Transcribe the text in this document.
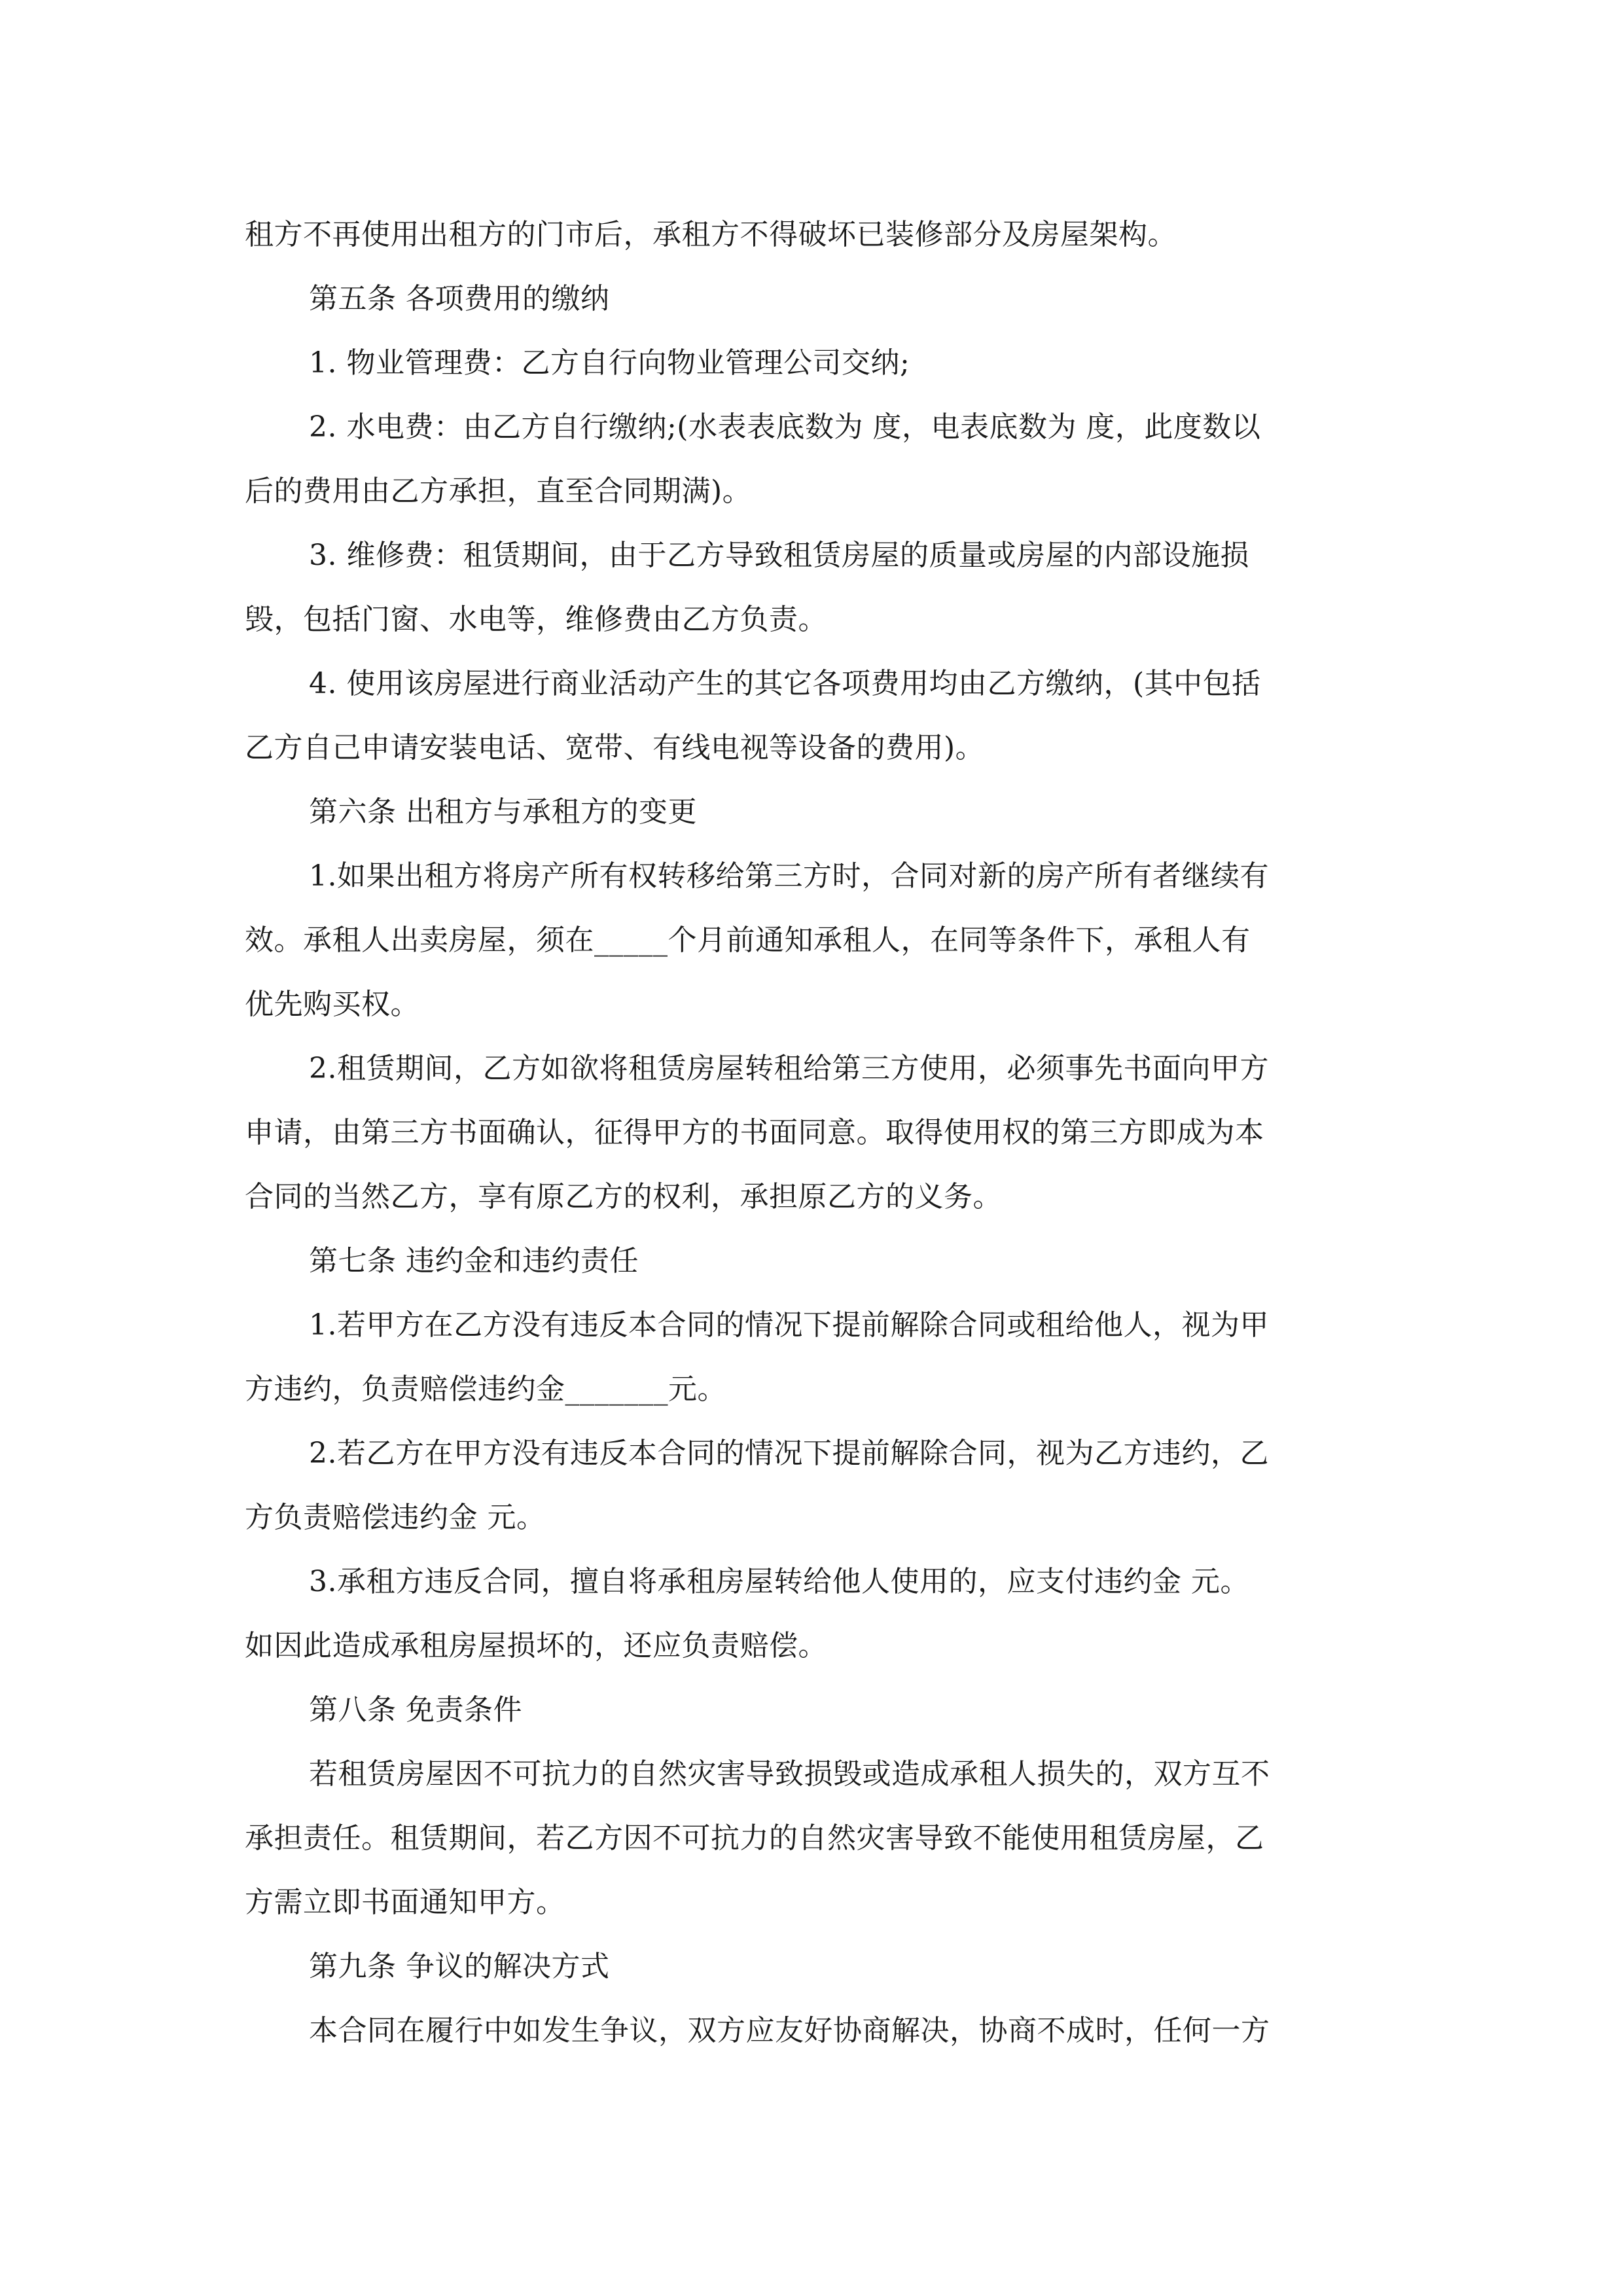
租方不再使用出租方的门市后，承租方不得破坏已装修部分及房屋架构。
第五条 各项费用的缴纳
1. 物业管理费：乙方自行向物业管理公司交纳;
2. 水电费：由乙方自行缴纳;(水表表底数为 度，电表底数为 度，此度数以
后的费用由乙方承担，直至合同期满)。
3. 维修费：租赁期间，由于乙方导致租赁房屋的质量或房屋的内部设施损
毁，包括门窗、水电等，维修费由乙方负责。
4. 使用该房屋进行商业活动产生的其它各项费用均由乙方缴纳，(其中包括
乙方自己申请安装电话、宽带、有线电视等设备的费用)。
第六条 出租方与承租方的变更
1.如果出租方将房产所有权转移给第三方时，合同对新的房产所有者继续有
效。承租人出卖房屋，须在_____个月前通知承租人，在同等条件下，承租人有
优先购买权。
2.租赁期间，乙方如欲将租赁房屋转租给第三方使用，必须事先书面向甲方
申请，由第三方书面确认，征得甲方的书面同意。取得使用权的第三方即成为本
合同的当然乙方，享有原乙方的权利，承担原乙方的义务。
第七条 违约金和违约责任
1.若甲方在乙方没有违反本合同的情况下提前解除合同或租给他人，视为甲
方违约，负责赔偿违约金_______元。
2.若乙方在甲方没有违反本合同的情况下提前解除合同，视为乙方违约，乙
方负责赔偿违约金 元。
3.承租方违反合同，擅自将承租房屋转给他人使用的，应支付违约金 元。
如因此造成承租房屋损坏的，还应负责赔偿。
第八条 免责条件
若租赁房屋因不可抗力的自然灾害导致损毁或造成承租人损失的，双方互不
承担责任。租赁期间，若乙方因不可抗力的自然灾害导致不能使用租赁房屋，乙
方需立即书面通知甲方。
第九条 争议的解决方式
本合同在履行中如发生争议，双方应友好协商解决，协商不成时，任何一方
